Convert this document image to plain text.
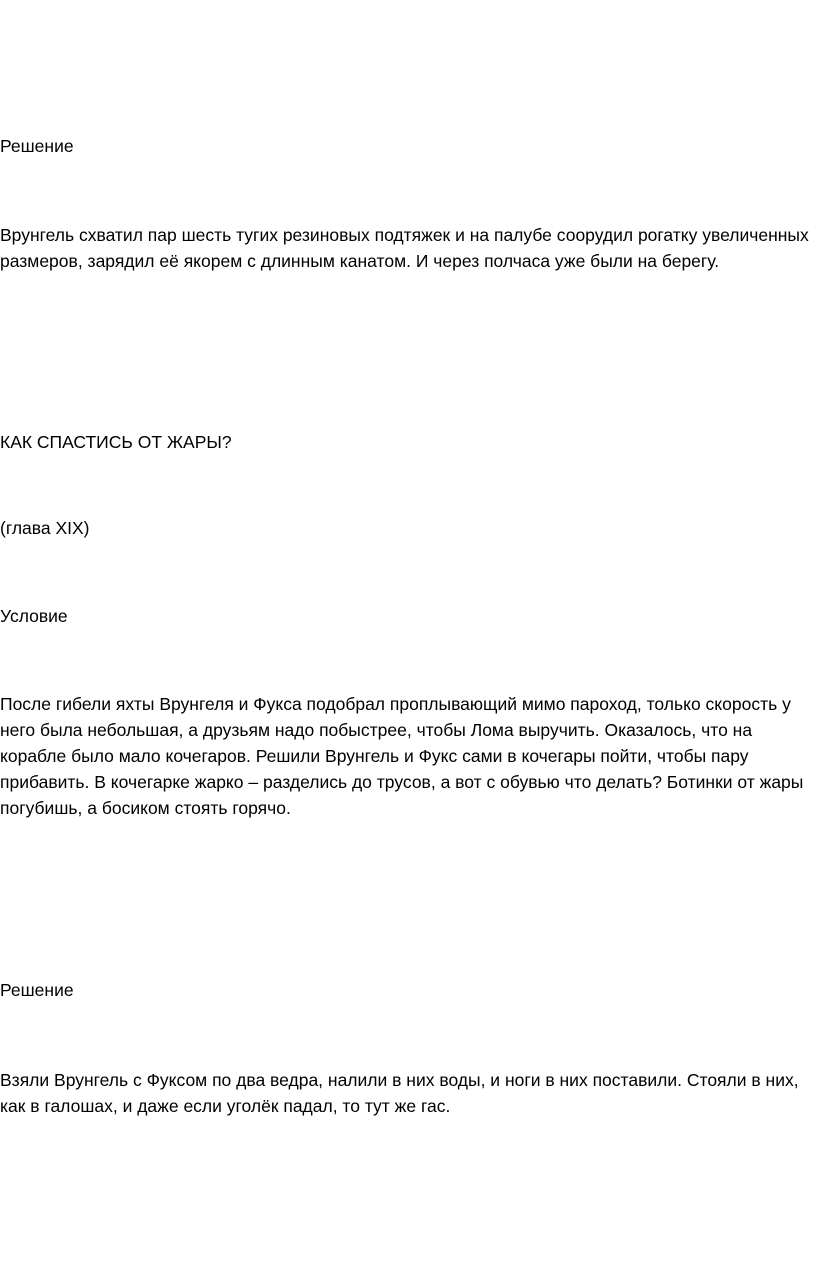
Решение

Врунгель схватил пар шесть тугих резиновых подтяжек и на палубе соорудил рогатку увеличенных
размеров, зарядил её якорем с длинным канатом. И через полчаса уже были на берегу.

КАК СПАСТИСЬ ОТ ЖАРЫ?

(глава XIX)

Условие

После гибели яхты Врунгеля и Фукса подобрал проплывающий мимо пароход, только скорость у
него была небольшая, а друзьям надо побыстрее, чтобы Лома выручить. Оказалось, что на
корабле было мало кочегаров. Решили Врунгель и Фукс сами в кочегары пойти, чтобы пару
прибавить. В кочегарке жарко – разделись до трусов, а вот с обувью что делать? Ботинки от жары
погубишь, а босиком стоять горячо.

Решение

Взяли Врунгель с Фуксом по два ведра, налили в них воды, и ноги в них поставили. Стояли в них,
как в галошах, и даже если уголёк падал, то тут же гас.
